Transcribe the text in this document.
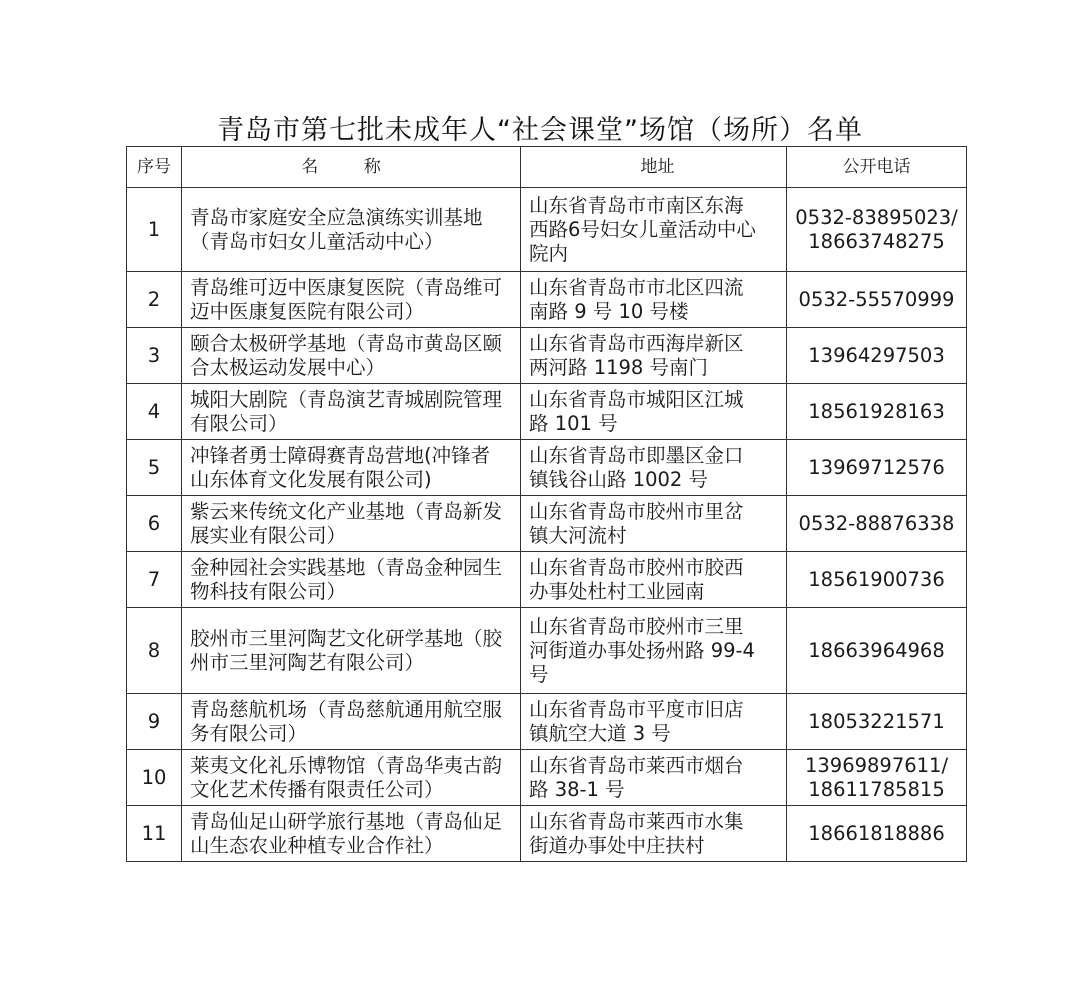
青岛市第七批未成年人“社会课堂”场馆（场所）名单
序号	名 称	地址	公开电话
1	青岛市家庭安全应急演练实训基地
（青岛市妇女儿童活动中心）	山东省青岛市市南区东海
西路6号妇女儿童活动中心
院内	0532-83895023/
18663748275

2	青岛维可迈中医康复医院（青岛维可
迈中医康复医院有限公司）	山东省青岛市市北区四流
南路 9 号 10 号楼	0532-55570999

3	颐合太极研学基地（青岛市黄岛区颐
合太极运动发展中心）	山东省青岛市西海岸新区
两河路 1198 号南门	13964297503

4	城阳大剧院（青岛演艺青城剧院管理
有限公司）	山东省青岛市城阳区江城
路 101 号	18561928163

5	冲锋者勇士障碍赛青岛营地(冲锋者
山东体育文化发展有限公司)	山东省青岛市即墨区金口
镇钱谷山路 1002 号	13969712576

6	紫云来传统文化产业基地（青岛新发
展实业有限公司）	山东省青岛市胶州市里岔
镇大河流村	0532-88876338

7	金种园社会实践基地（青岛金种园生
物科技有限公司）	山东省青岛市胶州市胶西
办事处杜村工业园南	18561900736

8	胶州市三里河陶艺文化研学基地（胶
州市三里河陶艺有限公司）	山东省青岛市胶州市三里
河街道办事处扬州路 99-4
号	18663964968

9	青岛慈航机场（青岛慈航通用航空服
务有限公司）	山东省青岛市平度市旧店
镇航空大道 3 号	18053221571

10	莱夷文化礼乐博物馆（青岛华夷古韵
文化艺术传播有限责任公司）	山东省青岛市莱西市烟台
路 38-1 号	13969897611/
18611785815

11	青岛仙足山研学旅行基地（青岛仙足
山生态农业种植专业合作社）	山东省青岛市莱西市水集
街道办事处中庄扶村	18661818886
